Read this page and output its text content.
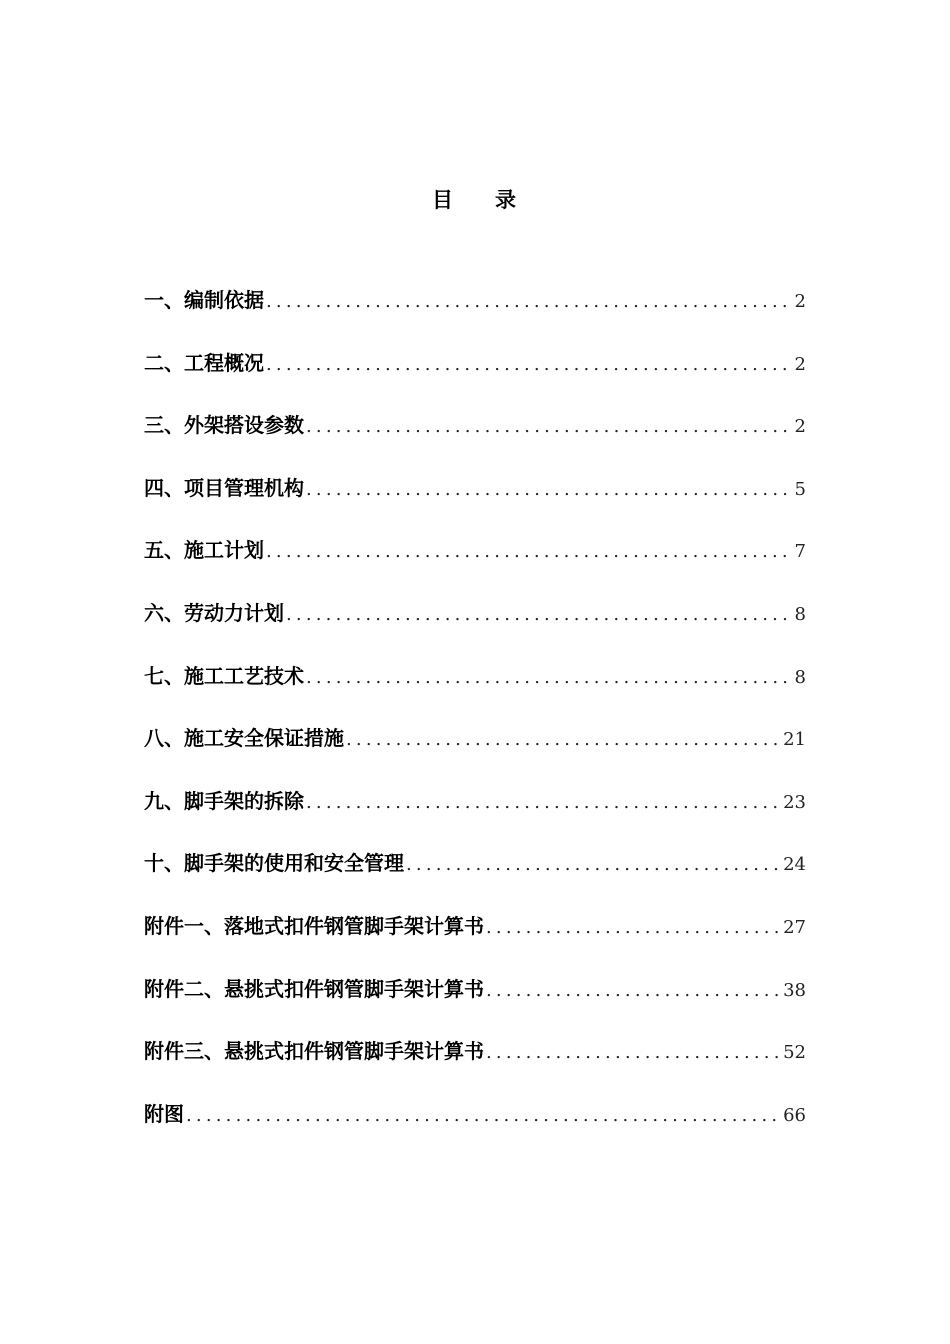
目 录
一、编制依据 .....	2
二、工程概况 .....	2
三、外架搭设参数 .....	2
四、项目管理机构 .....	5
五、施工计划 .....	7
六、劳动力计划 .....	8
七、施工工艺技术 .....	8
八、施工安全保证措施 .....	21
九、脚手架的拆除 .....	23
十、脚手架的使用和安全管理 .....	24
附件一、落地式扣件钢管脚手架计算书 .....	27
附件二、悬挑式扣件钢管脚手架计算书 .....	38
附件三、悬挑式扣件钢管脚手架计算书 .....	52
附图 .....	66
